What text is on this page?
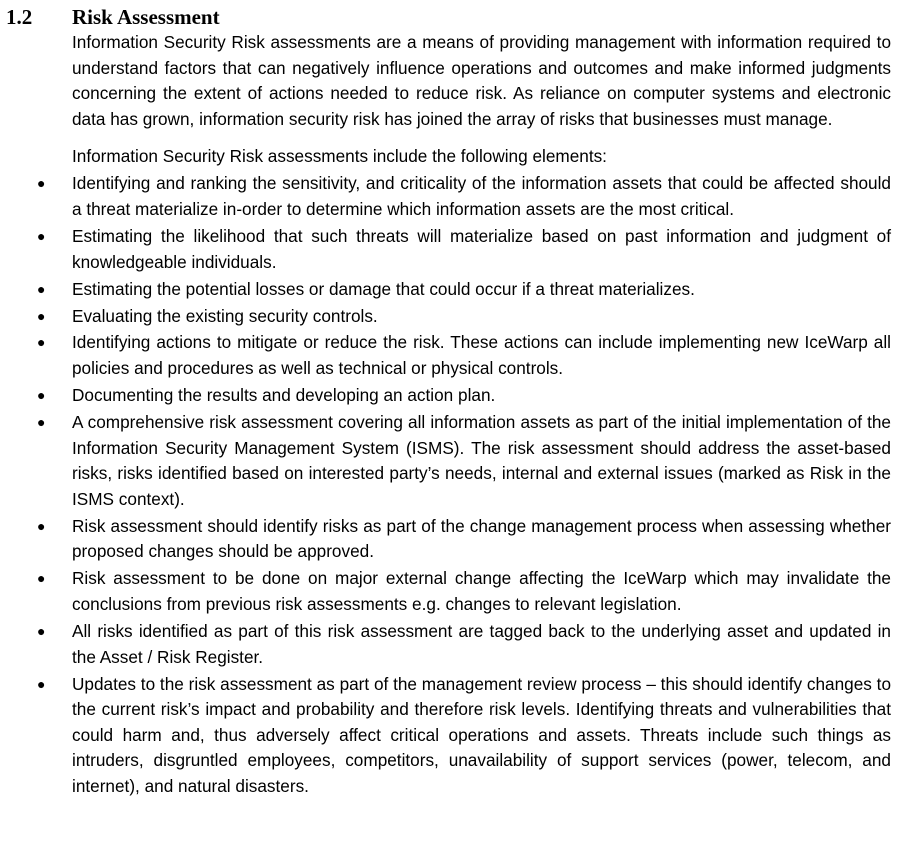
1.2	Risk Assessment

Information Security Risk assessments are a means of providing management with information required to understand factors that can negatively influence operations and outcomes and make informed judgments concerning the extent of actions needed to reduce risk. As reliance on computer systems and electronic data has grown, information security risk has joined the array of risks that businesses must manage.

Information Security Risk assessments include the following elements:

● Identifying and ranking the sensitivity, and criticality of the information assets that could be affected should a threat materialize in-order to determine which information assets are the most critical.
● Estimating the likelihood that such threats will materialize based on past information and judgment of knowledgeable individuals.
● Estimating the potential losses or damage that could occur if a threat materializes.
● Evaluating the existing security controls.
● Identifying actions to mitigate or reduce the risk. These actions can include implementing new IceWarp all policies and procedures as well as technical or physical controls.
● Documenting the results and developing an action plan.
● A comprehensive risk assessment covering all information assets as part of the initial implementation of the Information Security Management System (ISMS). The risk assessment should address the asset-based risks, risks identified based on interested party’s needs, internal and external issues (marked as Risk in the ISMS context).
● Risk assessment should identify risks as part of the change management process when assessing whether proposed changes should be approved.
● Risk assessment to be done on major external change affecting the IceWarp which may invalidate the conclusions from previous risk assessments e.g. changes to relevant legislation.
● All risks identified as part of this risk assessment are tagged back to the underlying asset and updated in the Asset / Risk Register.
● Updates to the risk assessment as part of the management review process – this should identify changes to the current risk’s impact and probability and therefore risk levels. Identifying threats and vulnerabilities that could harm and, thus adversely affect critical operations and assets. Threats include such things as intruders, disgruntled employees, competitors, unavailability of support services (power, telecom, and internet), and natural disasters.
